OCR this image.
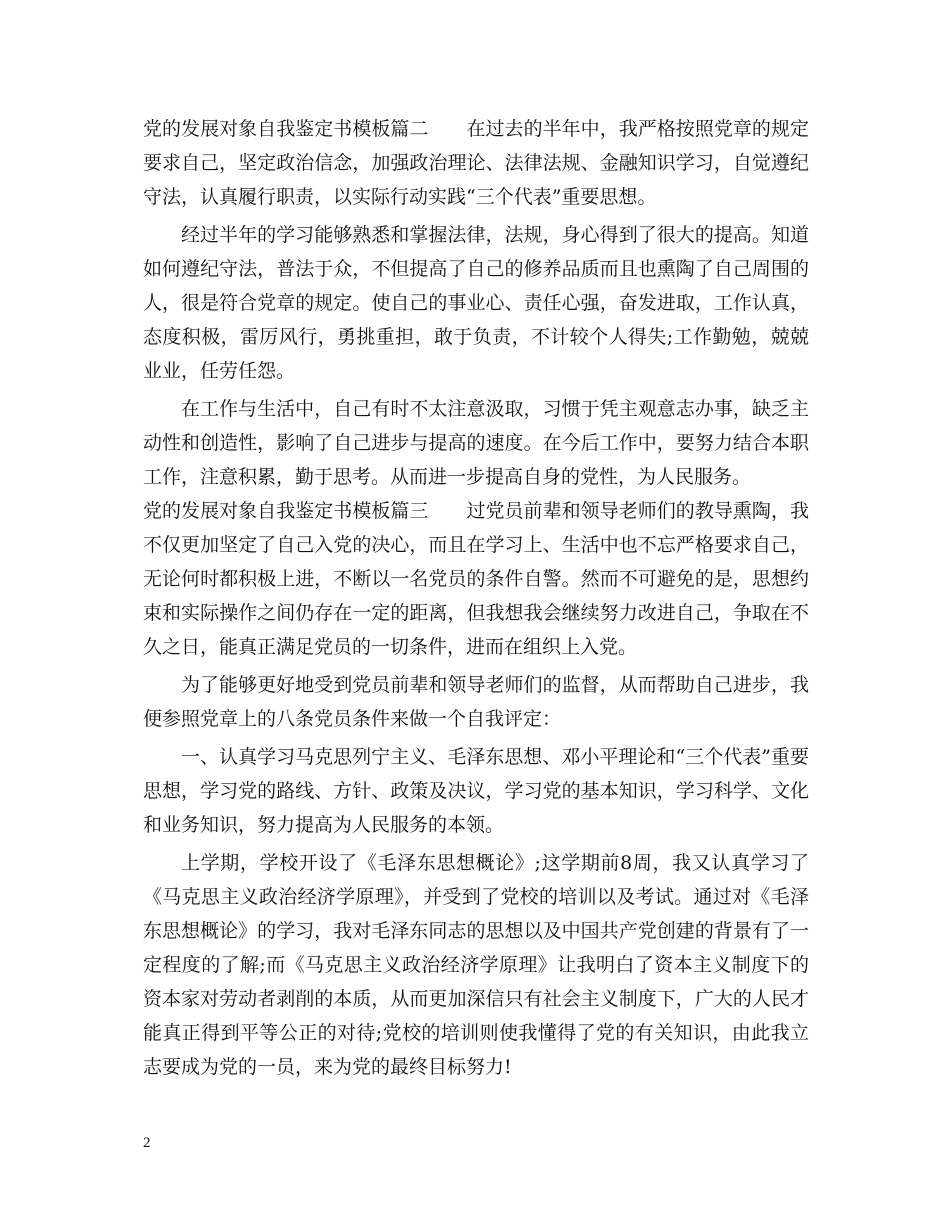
党的发展对象自我鉴定书模板篇二 在过去的半年中，我严格按照党章的规定要求自己，坚定政治信念，加强政治理论、法律法规、金融知识学习，自觉遵纪守法，认真履行职责，以实际行动实践“三个代表”重要思想。

经过半年的学习能够熟悉和掌握法律，法规，身心得到了很大的提高。知道如何遵纪守法，普法于众，不但提高了自己的修养品质而且也熏陶了自己周围的人，很是符合党章的规定。使自己的事业心、责任心强，奋发进取，工作认真，态度积极，雷厉风行，勇挑重担，敢于负责，不计较个人得失;工作勤勉，兢兢业业，任劳任怨。

在工作与生活中，自己有时不太注意汲取，习惯于凭主观意志办事，缺乏主动性和创造性，影响了自己进步与提高的速度。在今后工作中，要努力结合本职工作，注意积累，勤于思考。从而进一步提高自身的党性，为人民服务。

党的发展对象自我鉴定书模板篇三 过党员前辈和领导老师们的教导熏陶，我不仅更加坚定了自己入党的决心，而且在学习上、生活中也不忘严格要求自己，无论何时都积极上进，不断以一名党员的条件自警。然而不可避免的是，思想约束和实际操作之间仍存在一定的距离，但我想我会继续努力改进自己，争取在不久之日，能真正满足党员的一切条件，进而在组织上入党。

为了能够更好地受到党员前辈和领导老师们的监督，从而帮助自己进步，我便参照党章上的八条党员条件来做一个自我评定：

一、认真学习马克思列宁主义、毛泽东思想、邓小平理论和“三个代表”重要思想，学习党的路线、方针、政策及决议，学习党的基本知识，学习科学、文化和业务知识，努力提高为人民服务的本领。

上学期，学校开设了《毛泽东思想概论》;这学期前8周，我又认真学习了《马克思主义政治经济学原理》，并受到了党校的培训以及考试。通过对《毛泽东思想概论》的学习，我对毛泽东同志的思想以及中国共产党创建的背景有了一定程度的了解;而《马克思主义政治经济学原理》让我明白了资本主义制度下的资本家对劳动者剥削的本质，从而更加深信只有社会主义制度下，广大的人民才能真正得到平等公正的对待;党校的培训则使我懂得了党的有关知识，由此我立志要成为党的一员，来为党的最终目标努力!

2
